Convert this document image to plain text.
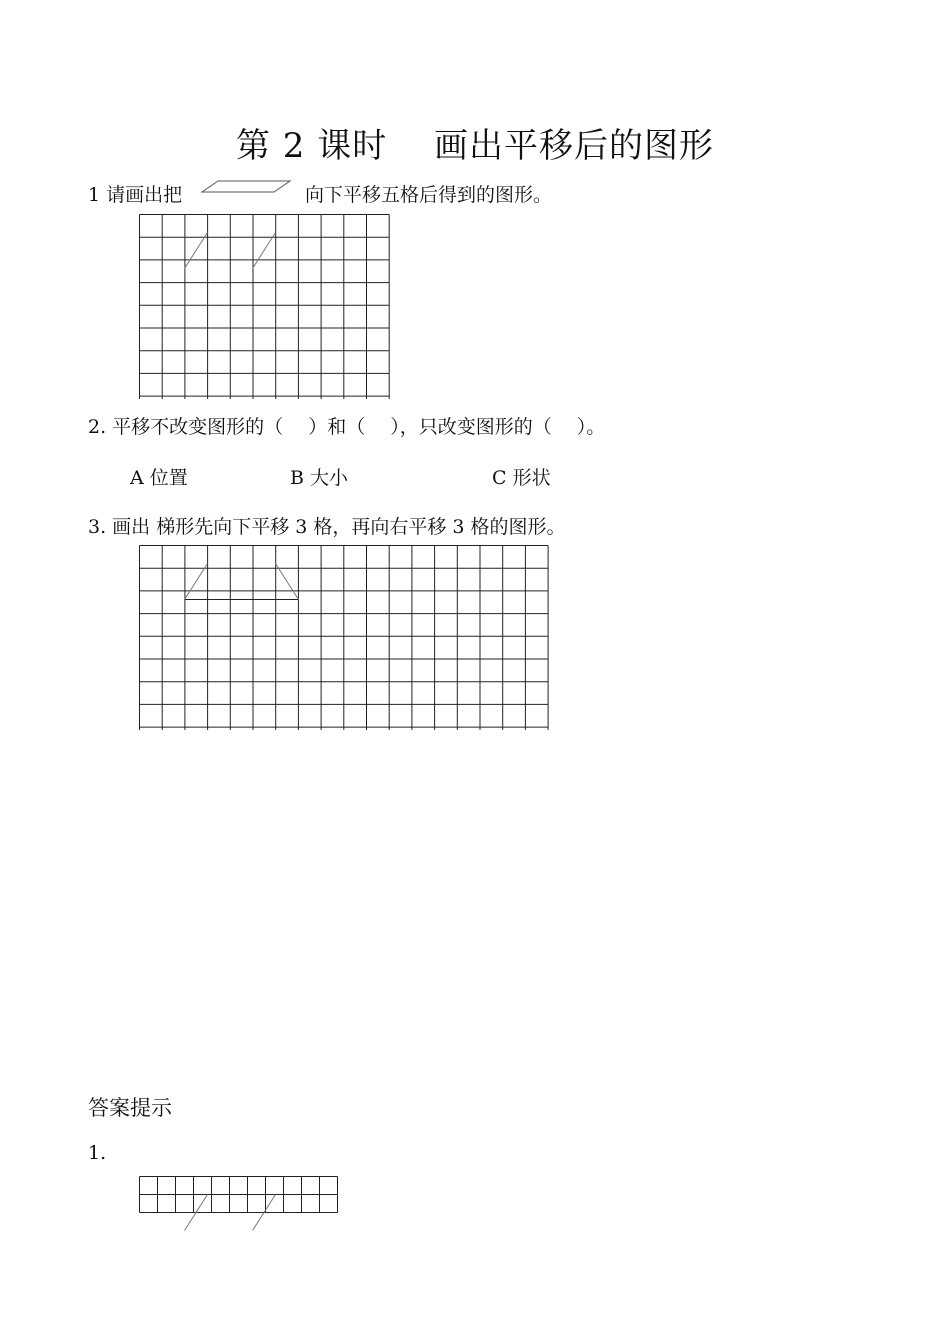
第 2 课时　 画出平移后的图形
1 请画出把	向下平移五格后得到的图形。
2. 平移不改变图形的（　 ）和（　 ），只改变图形的（　 ）。
A 位置	B 大小	C 形状
3. 画出 梯形先向下平移 3 格，再向右平移 3 格的图形。
答案提示
1.
